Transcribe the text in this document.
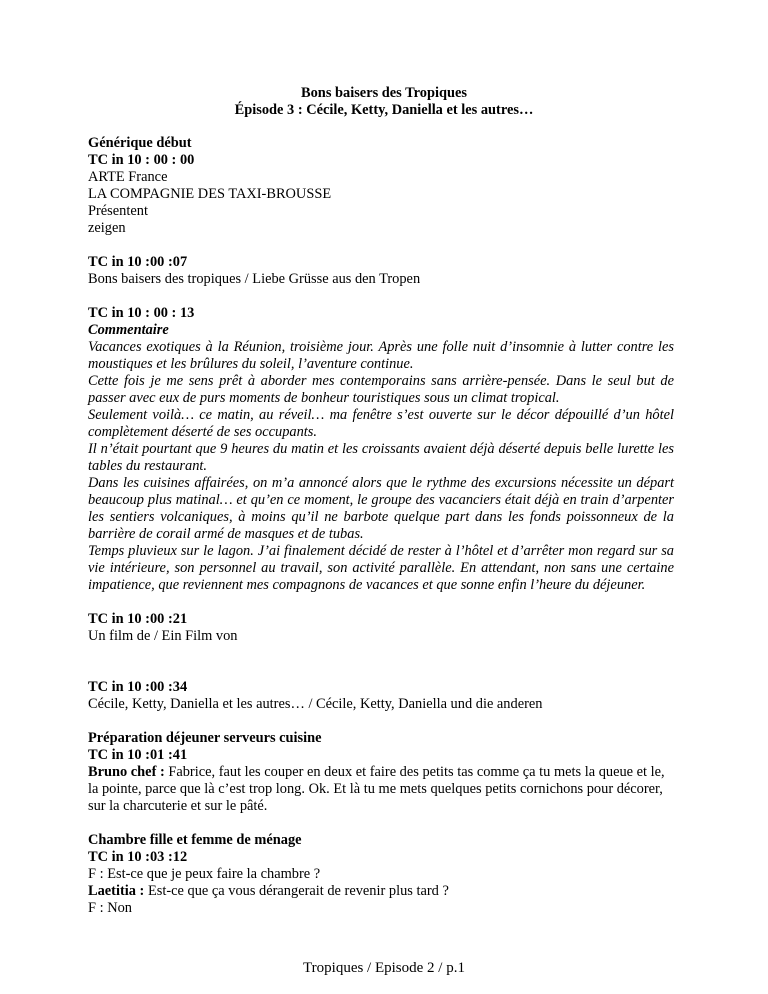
Bons baisers des Tropiques
Épisode 3 : Cécile, Ketty, Daniella et les autres…
Générique début
TC in 10 : 00 : 00
ARTE France
LA COMPAGNIE DES TAXI-BROUSSE
Présentent
zeigen
TC in 10 :00 :07
Bons baisers des tropiques / Liebe Grüsse aus den Tropen
TC in 10 : 00 : 13
Commentaire
Vacances exotiques à la Réunion, troisième jour. Après une folle nuit d’insomnie à lutter contre les moustiques et les brûlures du soleil, l’aventure continue.
Cette fois je me sens prêt à aborder mes contemporains sans arrière-pensée. Dans le seul but de passer avec eux de purs moments de bonheur touristiques sous un climat tropical.
Seulement voilà… ce matin, au réveil… ma fenêtre s’est ouverte sur le décor dépouillé d’un hôtel complètement déserté de ses occupants.
Il n’était pourtant que 9 heures du matin et les croissants avaient déjà déserté depuis belle lurette les tables du restaurant.
Dans les cuisines affairées, on m’a annoncé alors que le rythme des excursions nécessite un départ beaucoup plus matinal… et qu’en ce moment, le groupe des vacanciers était déjà en train d’arpenter les sentiers volcaniques, à moins qu’il ne barbote quelque part dans les fonds poissonneux de la barrière de corail armé de masques et de tubas.
Temps pluvieux sur le lagon. J’ai finalement décidé de rester à l’hôtel et d’arrêter mon regard sur sa vie intérieure, son personnel au travail, son activité parallèle. En attendant, non sans une certaine impatience, que reviennent mes compagnons de vacances et que sonne enfin l’heure du déjeuner.
TC in 10 :00 :21
Un film de / Ein Film von
TC in 10 :00 :34
Cécile, Ketty, Daniella et les autres… / Cécile, Ketty, Daniella und die anderen
Préparation déjeuner serveurs cuisine
TC in 10 :01 :41
Bruno chef : Fabrice, faut les couper en deux et faire des petits tas comme ça tu mets la queue et le, la pointe, parce que là c’est trop long. Ok. Et là tu me mets quelques petits cornichons pour décorer, sur la charcuterie et sur le pâté.
Chambre fille et femme de ménage
TC in 10 :03 :12
F : Est-ce que je peux faire la chambre ?
Laetitia : Est-ce que ça vous dérangerait de revenir plus tard ?
F : Non
Tropiques / Episode 2 / p.1
